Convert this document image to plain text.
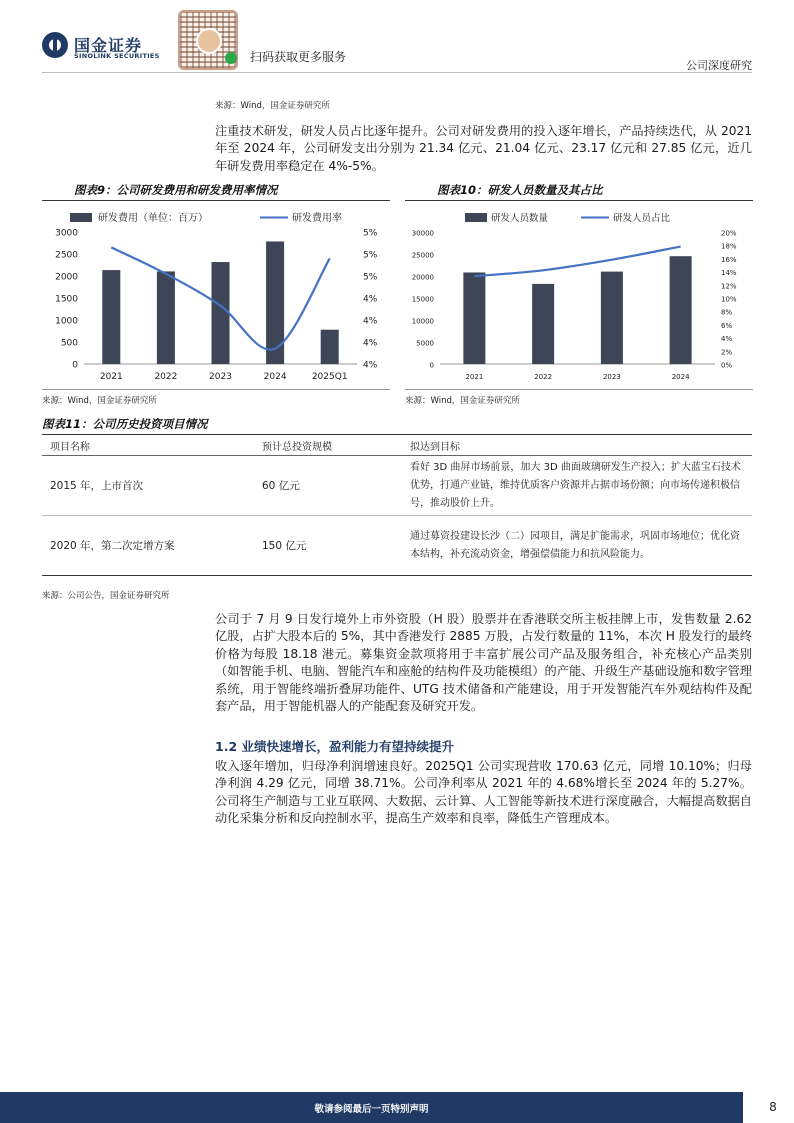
国金证券
SINOLINK SECURITIES	扫码获取更多服务
公司深度研究
来源：Wind，国金证券研究所
注重技术研发，研发人员占比逐年提升。公司对研发费用的投入逐年增长，产品持续迭代，从 2021 年至 2024 年，公司研发支出分别为 21.34 亿元、21.04 亿元、23.17 亿元和 27.85 亿元，近几年研发费用率稳定在 4%-5%。
图表9：公司研发费用和研发费用率情况	图表10：研发人员数量及其占比
研发费用（单位：百万）	研发费用率
0
500
1000
1500
2000
2500
3000
4%
4%
4%
4%
5%
5%
5%
2021	2022	2023	2024	2025Q1
研发人员数量	研发人员占比
0
5000
10000
15000
20000
25000
30000
0%
2%
4%
6%
8%
10%
12%
14%
16%
18%
20%
2021	2022	2023	2024
来源：Wind，国金证券研究所	来源：Wind，国金证券研究所
图表11：公司历史投资项目情况
项目名称	预计总投资规模	拟达到目标
2015 年，上市首次	60 亿元	看好 3D 曲屏市场前景，加大 3D 曲面玻璃研发生产投入；扩大蓝宝石技术优势，打通产业链，维持优质客户资源并占据市场份额；向市场传递积极信号，推动股价上升。
2020 年，第二次定增方案	150 亿元	通过募资投建设长沙（二）园项目，满足扩能需求，巩固市场地位；优化资本结构，补充流动资金，增强偿债能力和抗风险能力。
来源：公司公告，国金证券研究所
公司于 7 月 9 日发行境外上市外资股（H 股）股票并在香港联交所主板挂牌上市，发售数量 2.62 亿股，占扩大股本后的 5%，其中香港发行 2885 万股，占发行数量的 11%，本次 H 股发行的最终价格为每股 18.18 港元。募集资金款项将用于丰富扩展公司产品及服务组合，补充核心产品类别（如智能手机、电脑、智能汽车和座舱的结构件及功能模组）的产能、升级生产基础设施和数字管理系统，用于智能终端折叠屏功能件、UTG 技术储备和产能建设，用于开发智能汽车外观结构件及配套产品，用于智能机器人的产能配套及研究开发。
1.2 业绩快速增长，盈利能力有望持续提升
收入逐年增加，归母净利润增速良好。2025Q1 公司实现营收 170.63 亿元，同增 10.10%；归母净利润 4.29 亿元，同增 38.71%。公司净利率从 2021 年的 4.68%增长至 2024 年的 5.27%。公司将生产制造与工业互联网、大数据、云计算、人工智能等新技术进行深度融合，大幅提高数据自动化采集分析和反向控制水平，提高生产效率和良率，降低生产管理成本。
敬请参阅最后一页特别声明	8
